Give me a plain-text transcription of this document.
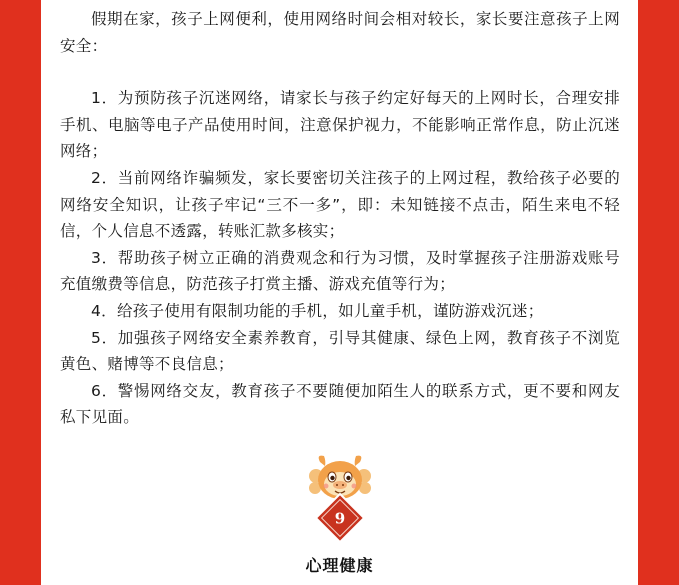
假期在家，孩子上网便利，使用网络时间会相对较长，家长要注意孩子上网安全：

1．为预防孩子沉迷网络，请家长与孩子约定好每天的上网时长，合理安排手机、电脑等电子产品使用时间，注意保护视力，不能影响正常作息，防止沉迷网络；

2．当前网络诈骗频发，家长要密切关注孩子的上网过程，教给孩子必要的网络安全知识，让孩子牢记“三不一多”，即：未知链接不点击，陌生来电不轻信，个人信息不透露，转账汇款多核实；

3．帮助孩子树立正确的消费观念和行为习惯，及时掌握孩子注册游戏账号充值缴费等信息，防范孩子打赏主播、游戏充值等行为；

4．给孩子使用有限制功能的手机，如儿童手机，谨防游戏沉迷；

5．加强孩子网络安全素养教育，引导其健康、绿色上网，教育孩子不浏览黄色、赌博等不良信息；

6．警惕网络交友，教育孩子不要随便加陌生人的联系方式，更不要和网友私下见面。

9
心理健康
